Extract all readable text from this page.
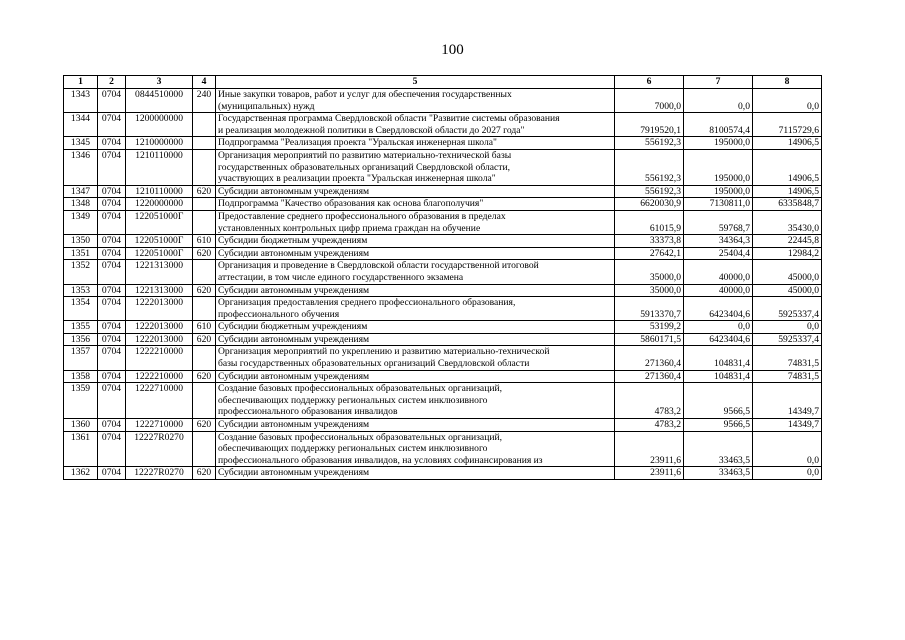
100
1	2	3	4	5	6	7	8
1343	0704	0844510000	240	Иные закупки товаров, работ и услуг для обеспечения государственных
(муниципальных) нужд	7000,0	0,0	0,0
1344	0704	1200000000		Государственная программа Свердловской области "Развитие системы образования
и реализация молодежной политики в Свердловской области до 2027 года"	7919520,1	8100574,4	7115729,6
1345	0704	1210000000		Подпрограмма "Реализация проекта "Уральская инженерная школа"	556192,3	195000,0	14906,5
1346	0704	1210110000		Организация мероприятий по развитию материально-технической базы
государственных образовательных организаций Свердловской области,
участвующих в реализации проекта "Уральская инженерная школа"	556192,3	195000,0	14906,5
1347	0704	1210110000	620	Субсидии автономным учреждениям	556192,3	195000,0	14906,5
1348	0704	1220000000		Подпрограмма "Качество образования как основа благополучия"	6620030,9	7130811,0	6335848,7
1349	0704	122051000Г		Предоставление среднего профессионального образования в пределах
установленных контрольных цифр приема граждан на обучение	61015,9	59768,7	35430,0
1350	0704	122051000Г	610	Субсидии бюджетным учреждениям	33373,8	34364,3	22445,8
1351	0704	122051000Г	620	Субсидии автономным учреждениям	27642,1	25404,4	12984,2
1352	0704	1221313000		Организация и проведение в Свердловской области государственной итоговой
аттестации, в том числе единого государственного экзамена	35000,0	40000,0	45000,0
1353	0704	1221313000	620	Субсидии автономным учреждениям	35000,0	40000,0	45000,0
1354	0704	1222013000		Организация предоставления среднего профессионального образования,
профессионального обучения	5913370,7	6423404,6	5925337,4
1355	0704	1222013000	610	Субсидии бюджетным учреждениям	53199,2	0,0	0,0
1356	0704	1222013000	620	Субсидии автономным учреждениям	5860171,5	6423404,6	5925337,4
1357	0704	1222210000		Организация мероприятий по укреплению и развитию материально-технической
базы государственных образовательных организаций Свердловской области	271360,4	104831,4	74831,5
1358	0704	1222210000	620	Субсидии автономным учреждениям	271360,4	104831,4	74831,5
1359	0704	1222710000		Создание базовых профессиональных образовательных организаций,
обеспечивающих поддержку региональных систем инклюзивного
профессионального образования инвалидов	4783,2	9566,5	14349,7
1360	0704	1222710000	620	Субсидии автономным учреждениям	4783,2	9566,5	14349,7
1361	0704	12227R0270		Создание базовых профессиональных образовательных организаций,
обеспечивающих поддержку региональных систем инклюзивного
профессионального образования инвалидов, на условиях софинансирования из	23911,6	33463,5	0,0
1362	0704	12227R0270	620	Субсидии автономным учреждениям	23911,6	33463,5	0,0
